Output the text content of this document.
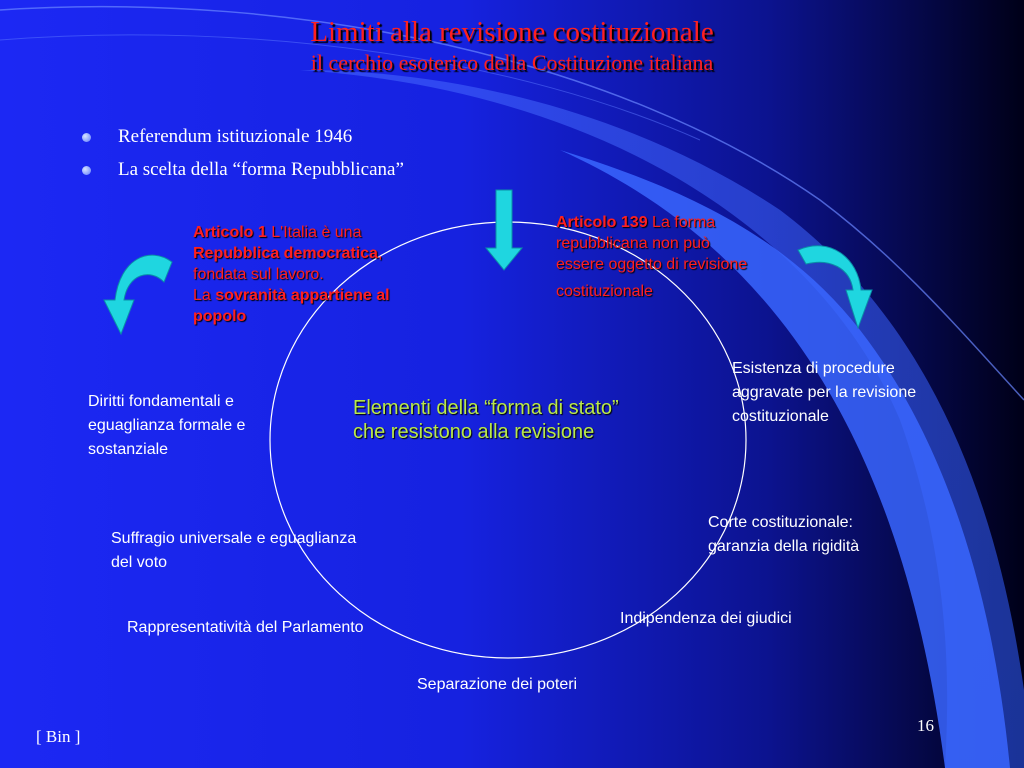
Limiti alla revisione costituzionale
il cerchio esoterico della Costituzione italiana
Referendum istituzionale 1946
La scelta della “forma Repubblicana”
Articolo 1 L'Italia è una
Repubblica democratica,
fondata sul lavoro.
La sovranità appartiene al
popolo
Articolo 139 La forma
repubblicana non può
essere oggetto di revisione
costituzionale
Elementi della “forma di stato”
che resistono alla revisione
Diritti fondamentali e
eguaglianza formale e
sostanziale
Suffragio universale e eguaglianza
del voto
Rappresentatività del Parlamento
Separazione dei poteri
Indipendenza dei giudici
Corte costituzionale:
garanzia della rigidità
Esistenza di procedure
aggravate per la revisione
costituzionale
[ Bin ]
16
